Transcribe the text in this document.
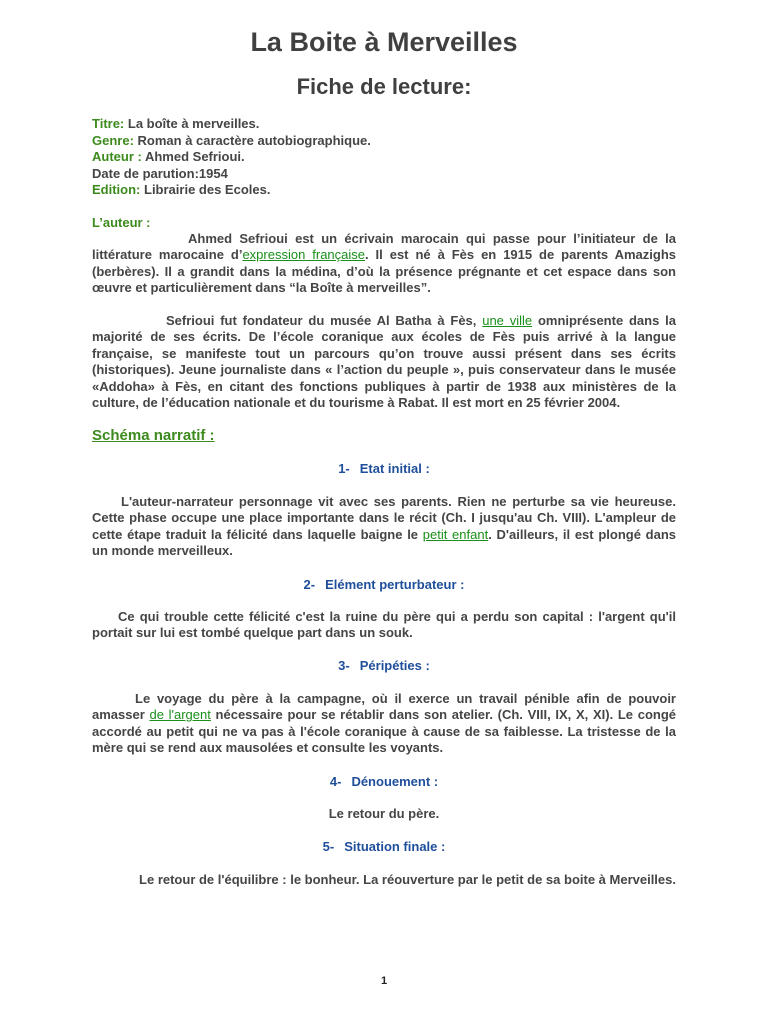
La Boite à Merveilles
Fiche de lecture:
Titre: La boîte à merveilles.
Genre: Roman à caractère autobiographique.
Auteur : Ahmed Sefrioui.
Date de parution:1954
Edition: Librairie des Ecoles.
L’auteur :

Ahmed Sefrioui est un écrivain marocain qui passe pour l’initiateur de la littérature marocaine d’expression française. Il est né à Fès en 1915 de parents Amazighs (berbères). Il a grandit dans la médina, d’où la présence prégnante et cet espace dans son œuvre et particulièrement dans “la Boîte à merveilles”.

Sefrioui fut fondateur du musée Al Batha à Fès, une ville omniprésente dans la majorité de ses écrits. De l’école coranique aux écoles de Fès puis arrivé à la langue française, se manifeste tout un parcours qu’on trouve aussi présent dans ses écrits (historiques). Jeune journaliste dans « l’action du peuple », puis conservateur dans le musée «Addoha» à Fès, en citant des fonctions publiques à partir de 1938 aux ministères de la culture, de l’éducation nationale et du tourisme à Rabat. Il est mort en 25 février 2004.

Schéma narratif :
1- Etat initial :

L'auteur-narrateur personnage vit avec ses parents. Rien ne perturbe sa vie heureuse. Cette phase occupe une place importante dans le récit (Ch. I jusqu'au Ch. VIII). L'ampleur de cette étape traduit la félicité dans laquelle baigne le petit enfant. D'ailleurs, il est plongé dans un monde merveilleux.

2- Elément perturbateur :

Ce qui trouble cette félicité c'est la ruine du père qui a perdu son capital : l'argent qu'il portait sur lui est tombé quelque part dans un souk.

3- Péripéties :

Le voyage du père à la campagne, où il exerce un travail pénible afin de pouvoir amasser de l'argent nécessaire pour se rétablir dans son atelier. (Ch. VIII, IX, X, XI). Le congé accordé au petit qui ne va pas à l'école coranique à cause de sa faiblesse. La tristesse de la mère qui se rend aux mausolées et consulte les voyants.

4- Dénouement :
Le retour du père.
5- Situation finale :
Le retour de l'équilibre : le bonheur. La réouverture par le petit de sa boite à Merveilles.
1
